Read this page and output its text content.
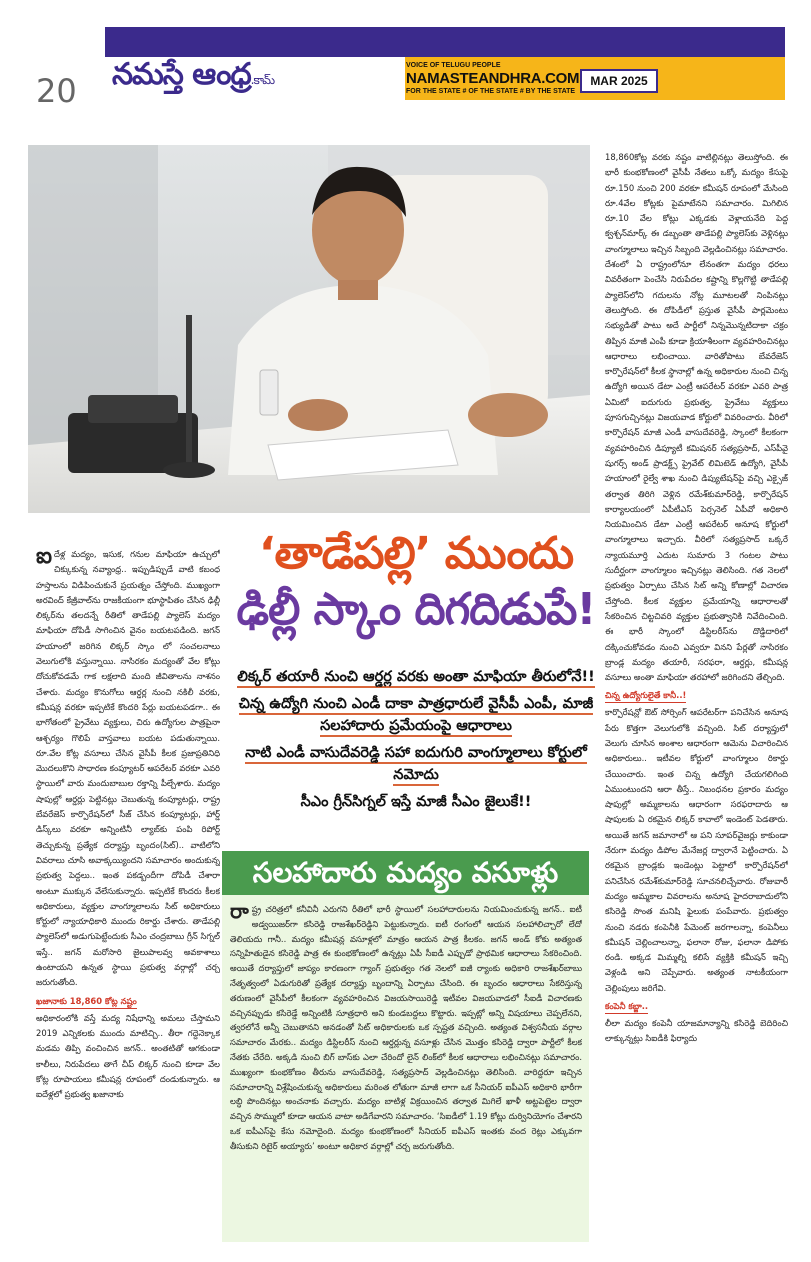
20 నమస్తే ఆంధ్ర.కామ్
VOICE OF TELUGU PEOPLE
NAMASTEANDHRA.COM
FOR THE STATE # OF THE STATE # BY THE STATE
MAR 2025

ఐదేళ్ల మద్యం, ఇసుక, గనుల మాఫియా ఉచ్చులో చిక్కుకున్న నవ్యాంధ్ర.. ఇప్పుడిప్పుడే వాటి కబంధ హస్తాలను విడిపించుకునే ప్రయత్నం చేస్తోంది. ముఖ్యంగా అరవింద్ కేజ్రీవాల్‌ను రాజకీయంగా భూస్థాపితం చేసిన ఢిల్లీ లిక్కర్‌ను తలదన్నే రీతిలో తాడేపల్లి ప్యాలెస్ మద్యం మాఫియా దోపిడీ సాగించిన వైనం బయటపడింది. జగన్ హయాంలో జరిగిన లిక్కర్ స్కాం లో సంచలనాలు వెలుగులోకి వస్తున్నాయి. నాసిరకం మద్యంతో వేల కోట్లు దోచుకోవడమే గాక లక్షలాది మంది జీవితాలను నాశనం చేశారు. మద్యం కొనుగోలు ఆర్డర్ల నుంచి నకిలీ వరకు, కమీషన్ల వరకూ ఇప్పటికే కొందరి పేర్లు బయటపడగా.. ఈ భాగోతంలో ప్రైవేటు వ్యక్తులు, చిరు ఉద్యోగుల పాత్రపైనా ఆశ్చర్యం గొలిపే వాస్తవాలు బయట పడుతున్నాయి. రూ.వేల కోట్ల వసూలు చేసిన వైసీపీ కీలక ప్రజాప్రతినిధి మొదలుకొని సాధారణ కంప్యూటర్ ఆపరేటర్ వరకూ ఎవరి స్థాయిలో వారు మందుబాబుల రక్తాన్ని పీల్చేశారు. మద్యం షాపుల్లో ఆర్డర్లు పెట్టినట్లు చెబుతున్న కంప్యూటర్లు, రాష్ట్ర బేవరేజెస్ కార్పొరేషన్‌లో సీజ్ చేసిన కంప్యూటర్లు, హార్డ్ డిస్క్‌లు వరకూ అన్నింటినీ ల్యాబ్‌కు పంపి రిపోర్ట్ తెచ్చుకున్న ప్రత్యేక దర్యాప్తు బృందం(సిట్).. వాటిలోని వివరాలు చూసి అవాక్కయ్యిందని సమాచారం అందుకున్న ప్రభుత్వ పెద్దలు.. ఇంత పకడ్బందీగా దోపిడీ చేశారా అంటూ ముక్కున వేలేసుకున్నారు. ఇప్పటికే కొందరు కీలక అధికారులు, వ్యక్తుల వాంగ్మూలాలను సిట్ అధికారులు కోర్టులో న్యాయాధికారి ముందు రికార్డు చేశారు. తాడేపల్లి ప్యాలెస్‌లో అడుగుపెట్టేందుకు సీఎం చంద్రబాబు గ్రీన్ సిగ్నల్ ఇస్తే.. జగన్ మరోసారి జైలుపాలవ్వ అవకాశాలు ఉంటాయని ఉన్నత స్థాయి ప్రభుత్వ వర్గాల్లో చర్చ జరుగుతోంది.

ఖజానాకు 18,860 కోట్ల నష్టం

అధికారంలోకి వస్తే మద్య నిషేధాన్ని అమలు చేస్తామని 2019 ఎన్నికలకు ముందు మాటిచ్చి.. తీరా గద్దెనెక్కాక మడమ తిప్పి వంచించిన జగన్.. అంతటితో ఆగకుండా కాలీలు, నిరుపేదలు తాగే చీప్ లిక్కర్ నుంచి కూడా వేల కోట్ల రూపాయలు కమీషన్ల రూపంలో దండుకున్నారు. ఆ ఐదేళ్లలో ప్రభుత్వ ఖజానాకు

‘తాడేపల్లి’ ముందు
ఢిల్లీ స్కాం దిగదిడుపే!
లిక్కర్ తయారీ నుంచి ఆర్డర్ల వరకు అంతా మాఫియా తీరులోనే!!
చిన్న ఉద్యోగి నుంచి ఎండీ దాకా పాత్రధారులే వైసీపీ ఎంపీ, మాజీ సలహాదారు ప్రమేయంపై ఆధారాలు
నాటి ఎండీ వాసుదేవరెడ్డి సహా ఐదుగురి వాంగ్మూలాలు కోర్టులో నమోదు
సీఎం గ్రీన్‌సిగ్నల్ ఇస్తే మాజీ సీఎం జైలుకే!!
సలహాదారు మద్యం వసూళ్లు
రాష్ట్ర చరిత్రలో కనీవినీ ఎరుగని రీతిలో భారీ స్థాయిలో సలహాదారులను నియమించుకున్న జగన్.. ఐటీ అడ్వయిజర్‌గా కసిరెడ్డి రాజశేఖర్‌రెడ్డిని పెట్టుకున్నారు. ఐటీ రంగంలో ఆయన సలహాలిచ్చారో లేదో తెలియదు గానీ.. మద్యం కమీషన్ల వసూళ్లలో మాత్రం ఆయన పాత్ర కీలకం. జగన్ అండ్ కోకు అత్యంత సన్నిహితుడైన కసిరెడ్డి పాత్ర ఈ కుంభకోణంలో ఉన్నట్లు ఏపీ సీఐడీ ఎప్పుడో ప్రాథమిక ఆధారాలు సేకరించింది. అయితే దర్యాప్తులో జాప్యం కారణంగా గ్యాంగ్ ప్రభుత్వం గత నెలలో ఐజీ ర్యాంకు అధికారి రాజశేఖర్‌బాబు నేతృత్వంలో ఏడుగురితో ప్రత్యేక దర్యాప్తు బృందాన్ని ఏర్పాటు చేసింది. ఈ బృందం ఆధారాలు సేకరిస్తున్న తరుణంలో వైసీపీలో కీలకంగా వ్యవహరించిన విజయసాయిరెడ్డి ఇటీవల విజయవాడలో సీఐడీ విచారణకు వచ్చినప్పుడు కసిరెడ్డే అన్నింటికీ సూత్రధారి అని కుండబద్దలు కొట్టారు. ఇప్పట్లో అన్ని విషయాలు చెప్పలేనని, త్వరలోనే అన్నీ చెబుతానని అనడంతో సిట్ అధికారులకు ఒక స్పష్టత వచ్చింది. అత్యంత విశ్వసనీయ వర్గాల సమాచారం మేరకు.. మద్యం డిస్టిలరీస్ నుంచి ఆర్డర్లున్న వసూళ్లు చేసిన మొత్తం కసిరెడ్డి ద్వారా పార్టీలో కీలక నేతకు చేరేది. అక్కడి నుంచి బిగ్ బాస్‌కు ఎలా చేరిందో లైన్ లింక్‌లో కీలక ఆధారాలు లభించినట్లు సమాచారం. ముఖ్యంగా కుంభకోణం తీరును వాసుదేవరెడ్డి, సత్యప్రసాద్ వెల్లడించినట్లు తెలిసింది. వారిద్దరూ ఇచ్చిన సమాచారాన్ని విశ్లేషించుకున్న అధికారులు మరింత లోతుగా మాజీ లాగా ఒక సీనియర్ ఐపీఎస్ అధికారి భారీగా లబ్ధి పొందినట్లు అంచనాకు వచ్చారు. మద్యం బాటిళ్ల విక్రయించిన తర్వాత మిగిలే ఖాళీ అట్టపెట్టెల ద్వారా వచ్చిన సొమ్ములో కూడా ఆయన వాటా అడిగేవారని సమాచారం. ‘సిఐడీలో 1.19 కోట్లు దుర్వినియోగం చేశారని ఒక ఐపీఎస్‌పై కేసు నమోదైంది. మద్యం కుంభకోణంలో సీనియర్ ఐపీఎస్ ఇంతకు వంద రెట్లు ఎక్కువగా తీసుకుని రిటైర్ అయ్యారు’ అంటూ అధికార వర్గాల్లో చర్చ జరుగుతోంది.

18,860కోట్ల వరకు నష్టం వాటిల్లినట్లు తెలుస్తోంది. ఈ భారీ కుంభకోణంలో వైసీపీ నేతలు ఒక్కో మద్యం కేసుపై రూ.150 నుంచి 200 వరకూ కమీషన్ రూపంలో మేసింది రూ.4వేల కోట్లకు పైమాటేనని సమాచారం. మిగిలిన రూ.10 వేల కోట్లు ఎక్కడకు వెళ్లాయనేది పెద్ద క్వశ్చన్‌మార్క్ ఈ డబ్బంతా తాడేపల్లి ప్యాలెస్‌కు వెళ్లినట్లు వాంగ్మూలాలు ఇచ్చిన సిబ్బంది వెల్లడించినట్లు సమాచారం. దేశంలో ఏ రాష్ట్రంలోనూ లేనంతగా మద్యం ధరలు వివరీతంగా పెంచేసి నిరుపేదల కష్టాన్ని కొల్లగొట్టి తాడేపల్లి ప్యాలెస్‌లోని గదులను నోట్ల మూటలతో నింపినట్లు తెలుస్తోంది. ఈ దోపిడీలో ప్రస్తుత వైసీపీ పార్లమెంటు సభ్యుడితో పాటు అదే పార్టీలో నిన్నమొన్నటిదాకా చక్రం తిప్పిన మాజీ ఎంపీ కూడా క్రియాశీలంగా వ్యవహరించినట్లు ఆధారాలు లభించాయి. వారితోపాటు బేవరేజెస్ కార్పొరేషన్‌లో కీలక స్థానాల్లో ఉన్న అధికారుల నుంచి చిన్న ఉద్యోగి అయిన డేటా ఎంట్రీ ఆపరేటర్ వరకూ ఎవరి పాత్ర ఏమిటో ఐదుగురు ప్రభుత్వ, ప్రైవేటు వ్యక్తులు పూసగుచ్చినట్లు విజయవాడ కోర్టులో వివరించారు. వీరిలో కార్పొరేషన్ మాజీ ఎండీ వాసుదేవరెడ్డి, స్కాంలో కీలకంగా వ్యవహరించిన డిప్యూటీ కమిషనర్ సత్యప్రసాద్, ఎస్‌పీవై షుగర్స్ అండ్ ప్రాడక్ట్స్ ప్రైవేట్ లిమిటెడ్ ఉద్యోగి, వైసీపీ హయాంలో రైల్వే శాఖ నుంచి డిప్యుటేషన్‌పై వచ్చి ఎక్సైజ్ తర్వాత తిరిగి వెళ్లిన రమేశ్‌కుమార్‌రెడ్డి, కార్పొరేషన్ కార్యాలయంలో ఏపీటీఎస్ పెర్సనెల్ ఏపీవో అధికారి నియమించిన డేటా ఎంట్రీ ఆపరేటర్ అనూష కోర్టులో వాంగ్మూలాలు ఇచ్చారు. వీరిలో సత్యప్రసాద్ ఒక్కరే న్యాయమూర్తి ఎదుట సుమారు 3 గంటల పాటు సుదీర్ఘంగా వాంగ్మూలం ఇచ్చినట్లు తెలిసింది. గత నెలలో ప్రభుత్వం ఏర్పాటు చేసిన సిట్ అన్ని కోణాల్లో విచారణ చేస్తోంది. కీలక వ్యక్తుల ప్రమేయాన్ని ఆధారాలతో సేకరించిన చిట్టచివరి వ్యక్తుల ప్రభుత్వానికి నివేదించింది. ఈ భారీ స్కాంలో డిస్టిలరీస్‌ను దొడ్డిదారిలో దక్కించుకోవడం నుంచి ఎవ్వరూ వినని పేర్లతో నాసిరకం బ్రాండ్ల మద్యం తయారీ, సరఫరా, ఆర్డర్లు, కమీషన్ల వసూలు అంతా మాఫియా తరహాలో జరిగిందని తేల్చింది.

చిన్న ఉద్యోగులైతే కానీ..!

కార్పొరేషన్లో ఔట్ సోర్సింగ్ ఆపరేటర్‌గా పనిచేసిన అనూష పేరు కొత్తగా వెలుగులోకి వచ్చింది. సిట్ దర్యాప్తులో వెలుగు చూసిన అంశాల ఆధారంగా ఆమెను విచారించిన అధికారులు.. ఇటీవల కోర్టులో వాంగ్మూలం రికార్డు చేయించారు. ఇంత చిన్న ఉద్యోగి చేయగలిగింది ఏముంటుందని ఆరా తీస్తే.. నిబంధనల ప్రకారం మద్యం షాపుల్లో అమ్మకాలను ఆధారంగా సరఫరాదారు ఆ షాపులకు ఏ రకమైన లిక్కర్ కావాలో ఇండెంట్ పెడతారు. అయితే జగన్ జమానాలో ఆ పని సూపర్‌వైజర్లు కాకుండా నేరుగా మద్యం డిపోల మేనేజర్ల ద్వారానే పెట్టించారు. ఏ రకమైన బ్రాండ్లకు ఇండెంట్లు పెట్టాలో కార్పొరేషన్‌లో పనిచేసిన రమేశ్‌కుమార్‌రెడ్డి సూచనలిచ్చేవారు. రోజువారీ మద్యం అమ్మకాల వివరాలను అనూష హైదరాబాదులోని కసిరెడ్డి సొంత మనిషి ఫైలుకు పంపేవారు. ప్రభుత్వం నుంచి నడరు కంపెనీకి పేమెంట్ జరగాలన్నా, కంపెనీలు కమీషన్ చెల్లించాలన్నా, ఫలానా రోజు, ఫలానా డిపోకు రండి. అక్కడ మిమ్మల్ని కలిసే వ్యక్తికి కమీషన్ ఇచ్చి వెళ్లండి అని చెప్పేవారు. అత్యంత నాటకీయంగా చెల్లింపులు జరిగేవి.

కంపెనీ కబ్జా..

లీలా మద్యం కంపెనీ యాజమాన్యాన్ని కసిరెడ్డి బెదిరించి లాక్కున్నట్లు సిఐడీకి ఫిర్యాదు
